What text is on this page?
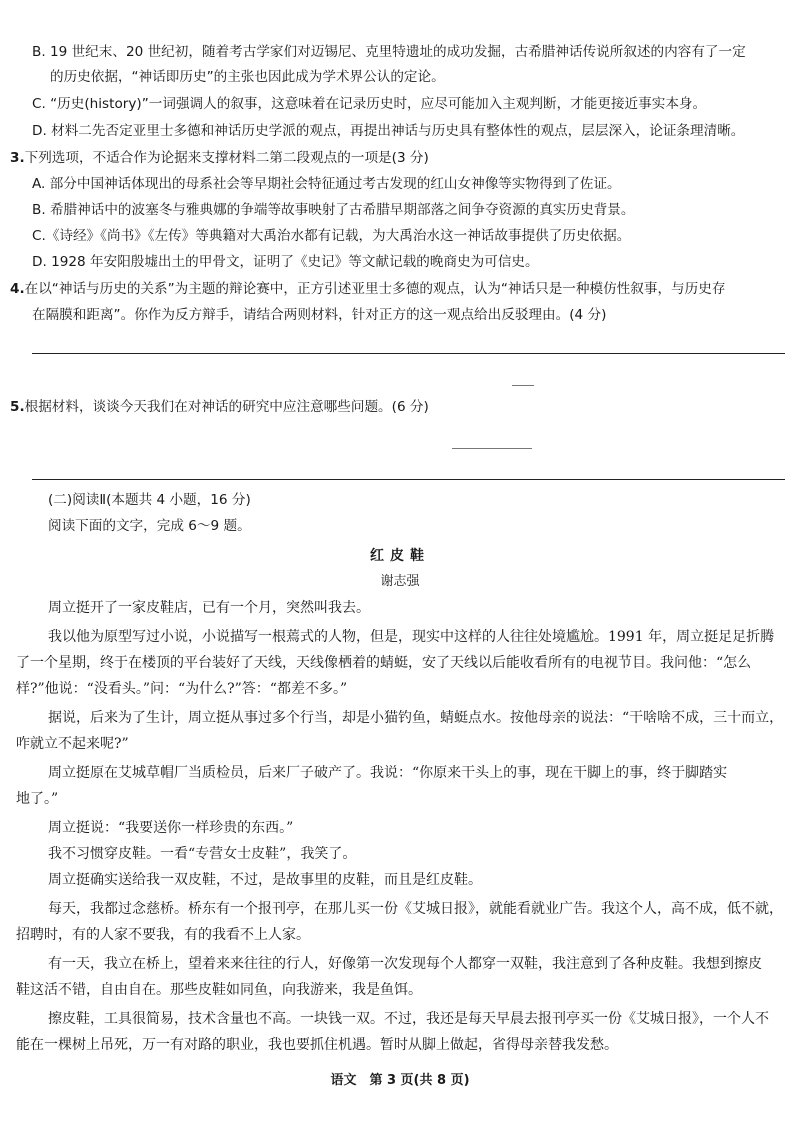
B. 19 世纪末、20 世纪初，随着考古学家们对迈锡尼、克里特遗址的成功发掘，古希腊神话传说所叙述的内容有了一定
的历史依据，“神话即历史”的主张也因此成为学术界公认的定论。
C. “历史(history)”一词强调人的叙事，这意味着在记录历史时，应尽可能加入主观判断，才能更接近事实本身。
D. 材料二先否定亚里士多德和神话历史学派的观点，再提出神话与历史具有整体性的观点，层层深入，论证条理清晰。
3.下列选项，不适合作为论据来支撑材料二第二段观点的一项是(3 分)
A. 部分中国神话体现出的母系社会等早期社会特征通过考古发现的红山女神像等实物得到了佐证。
B. 希腊神话中的波塞冬与雅典娜的争端等故事映射了古希腊早期部落之间争夺资源的真实历史背景。
C.《诗经》《尚书》《左传》等典籍对大禹治水都有记载，为大禹治水这一神话故事提供了历史依据。
D. 1928 年安阳殷墟出土的甲骨文，证明了《史记》等文献记载的晚商史为可信史。
4.在以“神话与历史的关系”为主题的辩论赛中，正方引述亚里士多德的观点，认为“神话只是一种模仿性叙事，与历史存
在隔膜和距离”。你作为反方辩手，请结合两则材料，针对正方的这一观点给出反驳理由。(4 分)
5.根据材料，谈谈今天我们在对神话的研究中应注意哪些问题。(6 分)
(二)阅读Ⅱ(本题共 4 小题，16 分)
阅读下面的文字，完成 6～9 题。
红皮鞋
谢志强
周立挺开了一家皮鞋店，已有一个月，突然叫我去。
我以他为原型写过小说，小说描写一根蔫式的人物，但是，现实中这样的人往往处境尴尬。1991 年，周立挺足足折腾
了一个星期，终于在楼顶的平台装好了天线，天线像栖着的蜻蜓，安了天线以后能收看所有的电视节目。我问他：“怎么
样?”他说：“没看头。”问：“为什么?”答：“都差不多。”
据说，后来为了生计，周立挺从事过多个行当，却是小猫钓鱼，蜻蜓点水。按他母亲的说法：“干啥啥不成，三十而立，
咋就立不起来呢?”
周立挺原在艾城草帽厂当质检员，后来厂子破产了。我说：“你原来干头上的事，现在干脚上的事，终于脚踏实
地了。”
周立挺说：“我要送你一样珍贵的东西。”
我不习惯穿皮鞋。一看“专营女士皮鞋”，我笑了。
周立挺确实送给我一双皮鞋，不过，是故事里的皮鞋，而且是红皮鞋。
每天，我都过念慈桥。桥东有一个报刊亭，在那儿买一份《艾城日报》，就能看就业广告。我这个人，高不成，低不就，
招聘时，有的人家不要我，有的我看不上人家。
有一天，我立在桥上，望着来来往往的行人，好像第一次发现每个人都穿一双鞋，我注意到了各种皮鞋。我想到擦皮
鞋这活不错，自由自在。那些皮鞋如同鱼，向我游来，我是鱼饵。
擦皮鞋，工具很简易，技术含量也不高。一块钱一双。不过，我还是每天早晨去报刊亭买一份《艾城日报》，一个人不
能在一棵树上吊死，万一有对路的职业，我也要抓住机遇。暂时从脚上做起，省得母亲替我发愁。
语文　第 3 页(共 8 页)
